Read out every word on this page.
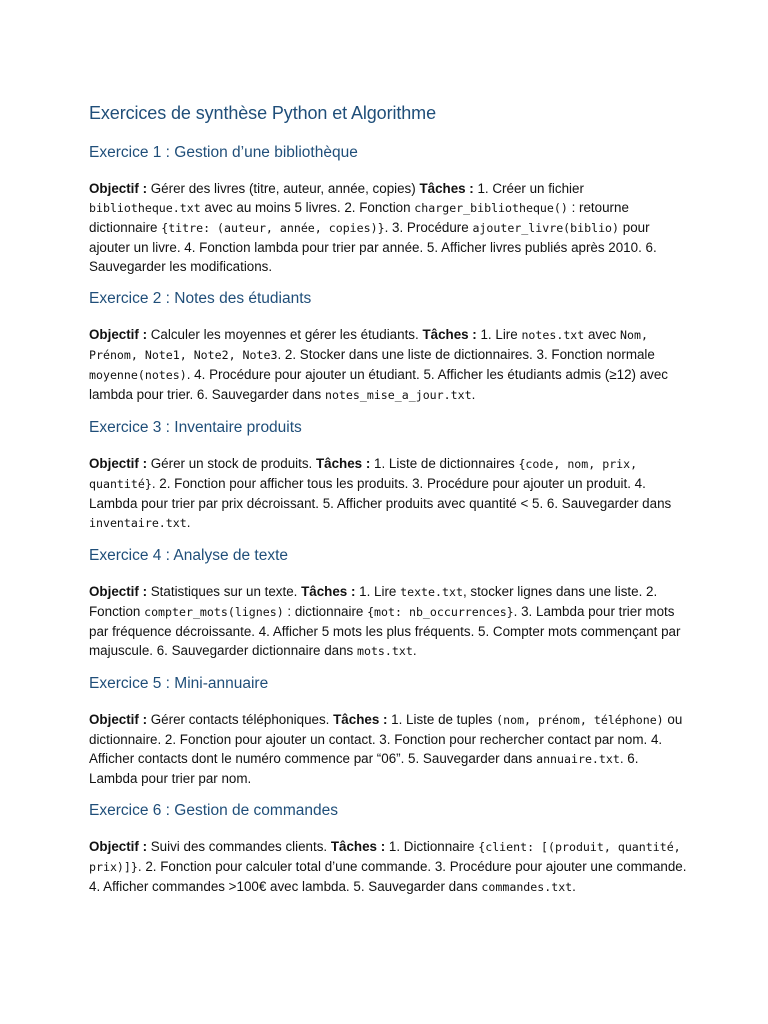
Exercices de synthèse Python et Algorithme
Exercice 1 : Gestion d’une bibliothèque

Objectif : Gérer des livres (titre, auteur, année, copies) Tâches : 1. Créer un fichier bibliotheque.txt avec au moins 5 livres. 2. Fonction charger_bibliotheque() : retourne dictionnaire {titre: (auteur, année, copies)}. 3. Procédure ajouter_livre(biblio) pour ajouter un livre. 4. Fonction lambda pour trier par année. 5. Afficher livres publiés après 2010. 6. Sauvegarder les modifications.

Exercice 2 : Notes des étudiants

Objectif : Calculer les moyennes et gérer les étudiants. Tâches : 1. Lire notes.txt avec Nom, Prénom, Note1, Note2, Note3. 2. Stocker dans une liste de dictionnaires. 3. Fonction normale moyenne(notes). 4. Procédure pour ajouter un étudiant. 5. Afficher les étudiants admis (≥12) avec lambda pour trier. 6. Sauvegarder dans notes_mise_a_jour.txt.

Exercice 3 : Inventaire produits

Objectif : Gérer un stock de produits. Tâches : 1. Liste de dictionnaires {code, nom, prix, quantité}. 2. Fonction pour afficher tous les produits. 3. Procédure pour ajouter un produit. 4. Lambda pour trier par prix décroissant. 5. Afficher produits avec quantité < 5. 6. Sauvegarder dans inventaire.txt.

Exercice 4 : Analyse de texte

Objectif : Statistiques sur un texte. Tâches : 1. Lire texte.txt, stocker lignes dans une liste. 2. Fonction compter_mots(lignes) : dictionnaire {mot: nb_occurrences}. 3. Lambda pour trier mots par fréquence décroissante. 4. Afficher 5 mots les plus fréquents. 5. Compter mots commençant par majuscule. 6. Sauvegarder dictionnaire dans mots.txt.

Exercice 5 : Mini-annuaire

Objectif : Gérer contacts téléphoniques. Tâches : 1. Liste de tuples (nom, prénom, téléphone) ou dictionnaire. 2. Fonction pour ajouter un contact. 3. Fonction pour rechercher contact par nom. 4. Afficher contacts dont le numéro commence par “06”. 5. Sauvegarder dans annuaire.txt. 6. Lambda pour trier par nom.

Exercice 6 : Gestion de commandes

Objectif : Suivi des commandes clients. Tâches : 1. Dictionnaire {client: [(produit, quantité, prix)]}. 2. Fonction pour calculer total d’une commande. 3. Procédure pour ajouter une commande. 4. Afficher commandes >100€ avec lambda. 5. Sauvegarder dans commandes.txt.
